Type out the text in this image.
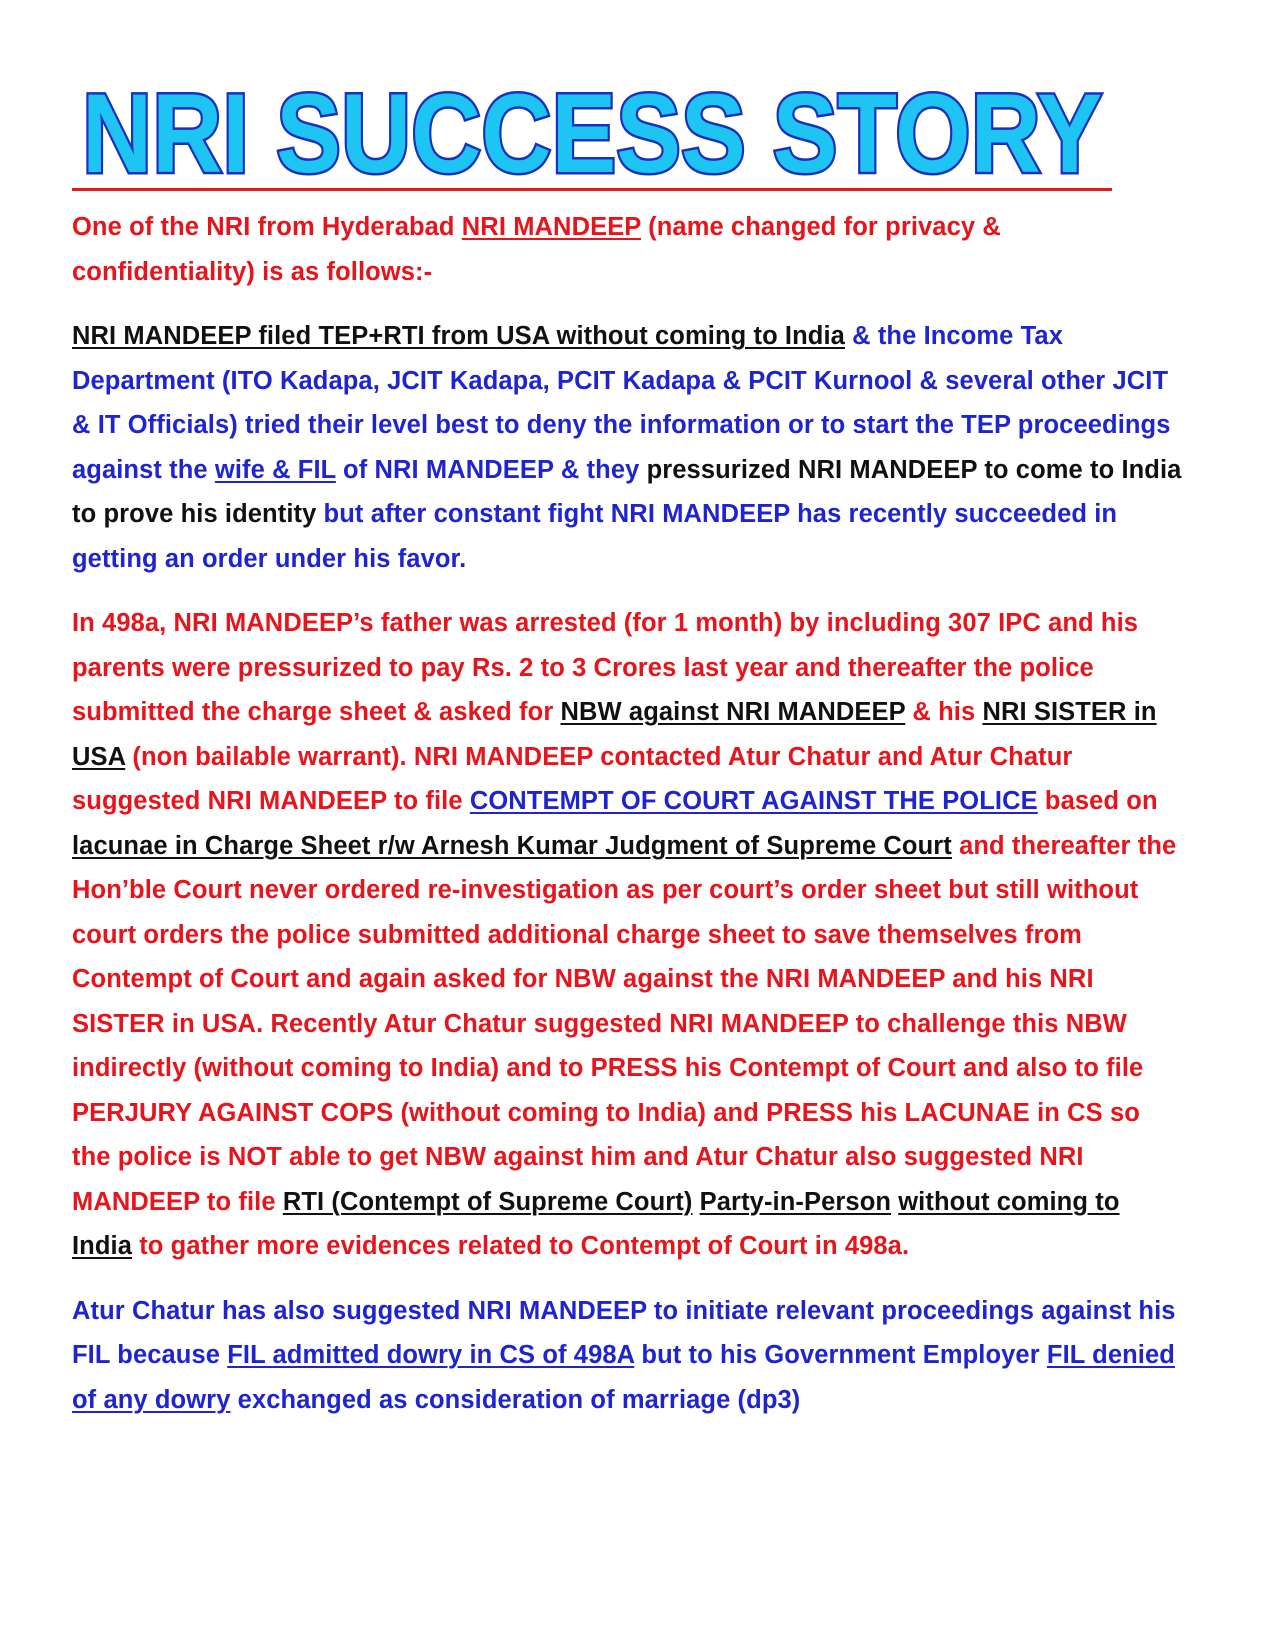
NRI SUCCESS STORY

One of the NRI from Hyderabad NRI MANDEEP (name changed for privacy & confidentiality) is as follows:-

NRI MANDEEP filed TEP+RTI from USA without coming to India & the Income Tax Department (ITO Kadapa, JCIT Kadapa, PCIT Kadapa & PCIT Kurnool & several other JCIT & IT Officials) tried their level best to deny the information or to start the TEP proceedings against the wife & FIL of NRI MANDEEP & they pressurized NRI MANDEEP to come to India to prove his identity but after constant fight NRI MANDEEP has recently succeeded in getting an order under his favor.

In 498a, NRI MANDEEP’s father was arrested (for 1 month) by including 307 IPC and his parents were pressurized to pay Rs. 2 to 3 Crores last year and thereafter the police submitted the charge sheet & asked for NBW against NRI MANDEEP & his NRI SISTER in USA (non bailable warrant). NRI MANDEEP contacted Atur Chatur and Atur Chatur suggested NRI MANDEEP to file CONTEMPT OF COURT AGAINST THE POLICE based on lacunae in Charge Sheet r/w Arnesh Kumar Judgment of Supreme Court and thereafter the Hon’ble Court never ordered re-investigation as per court’s order sheet but still without court orders the police submitted additional charge sheet to save themselves from Contempt of Court and again asked for NBW against the NRI MANDEEP and his NRI SISTER in USA. Recently Atur Chatur suggested NRI MANDEEP to challenge this NBW indirectly (without coming to India) and to PRESS his Contempt of Court and also to file PERJURY AGAINST COPS (without coming to India) and PRESS his LACUNAE in CS so the police is NOT able to get NBW against him and Atur Chatur also suggested NRI MANDEEP to file RTI (Contempt of Supreme Court) Party-in-Person without coming to India to gather more evidences related to Contempt of Court in 498a.

Atur Chatur has also suggested NRI MANDEEP to initiate relevant proceedings against his FIL because FIL admitted dowry in CS of 498A but to his Government Employer FIL denied of any dowry exchanged as consideration of marriage (dp3)
